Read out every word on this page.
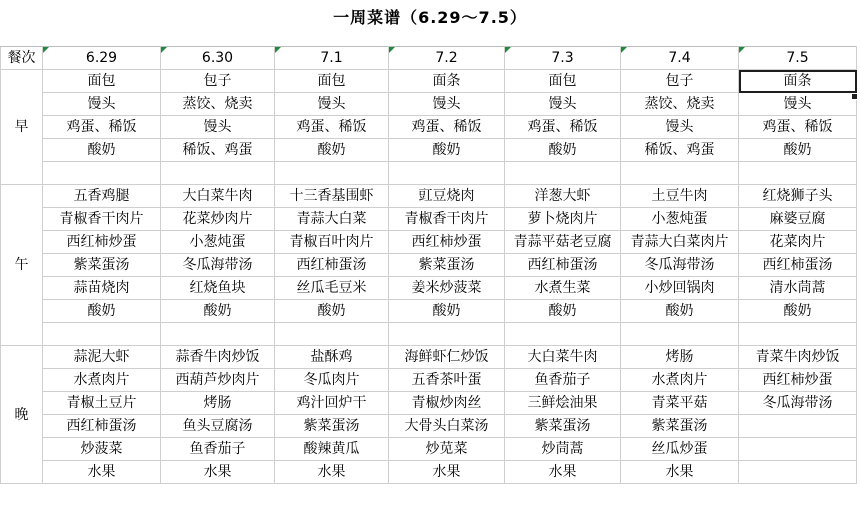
一周菜谱（6.29～7.5）
餐次	6.29	6.30	7.1	7.2	7.3	7.4	7.5
早	面包	包子	面包	面条	面包	包子	面条
	馒头	蒸饺、烧卖	馒头	馒头	馒头	蒸饺、烧卖	馒头
	鸡蛋、稀饭	馒头	鸡蛋、稀饭	鸡蛋、稀饭	鸡蛋、稀饭	馒头	鸡蛋、稀饭
	酸奶	稀饭、鸡蛋	酸奶	酸奶	酸奶	稀饭、鸡蛋	酸奶

午	五香鸡腿	大白菜牛肉	十三香基围虾	豇豆烧肉	洋葱大虾	土豆牛肉	红烧狮子头
	青椒香干肉片	花菜炒肉片	青蒜大白菜	青椒香干肉片	萝卜烧肉片	小葱炖蛋	麻婆豆腐
	西红柿炒蛋	小葱炖蛋	青椒百叶肉片	西红柿炒蛋	青蒜平菇老豆腐	青蒜大白菜肉片	花菜肉片
	紫菜蛋汤	冬瓜海带汤	西红柿蛋汤	紫菜蛋汤	西红柿蛋汤	冬瓜海带汤	西红柿蛋汤
	蒜苗烧肉	红烧鱼块	丝瓜毛豆米	姜米炒菠菜	水煮生菜	小炒回锅肉	清水茼蒿
	酸奶	酸奶	酸奶	酸奶	酸奶	酸奶	酸奶

晚	蒜泥大虾	蒜香牛肉炒饭	盐酥鸡	海鲜虾仁炒饭	大白菜牛肉	烤肠	青菜牛肉炒饭
	水煮肉片	西葫芦炒肉片	冬瓜肉片	五香茶叶蛋	鱼香茄子	水煮肉片	西红柿炒蛋
	青椒土豆片	烤肠	鸡汁回炉干	青椒炒肉丝	三鲜烩油果	青菜平菇	冬瓜海带汤
	西红柿蛋汤	鱼头豆腐汤	紫菜蛋汤	大骨头白菜汤	紫菜蛋汤	紫菜蛋汤	
	炒菠菜	鱼香茄子	酸辣黄瓜	炒苋菜	炒茼蒿	丝瓜炒蛋	
	水果	水果	水果	水果	水果	水果	
